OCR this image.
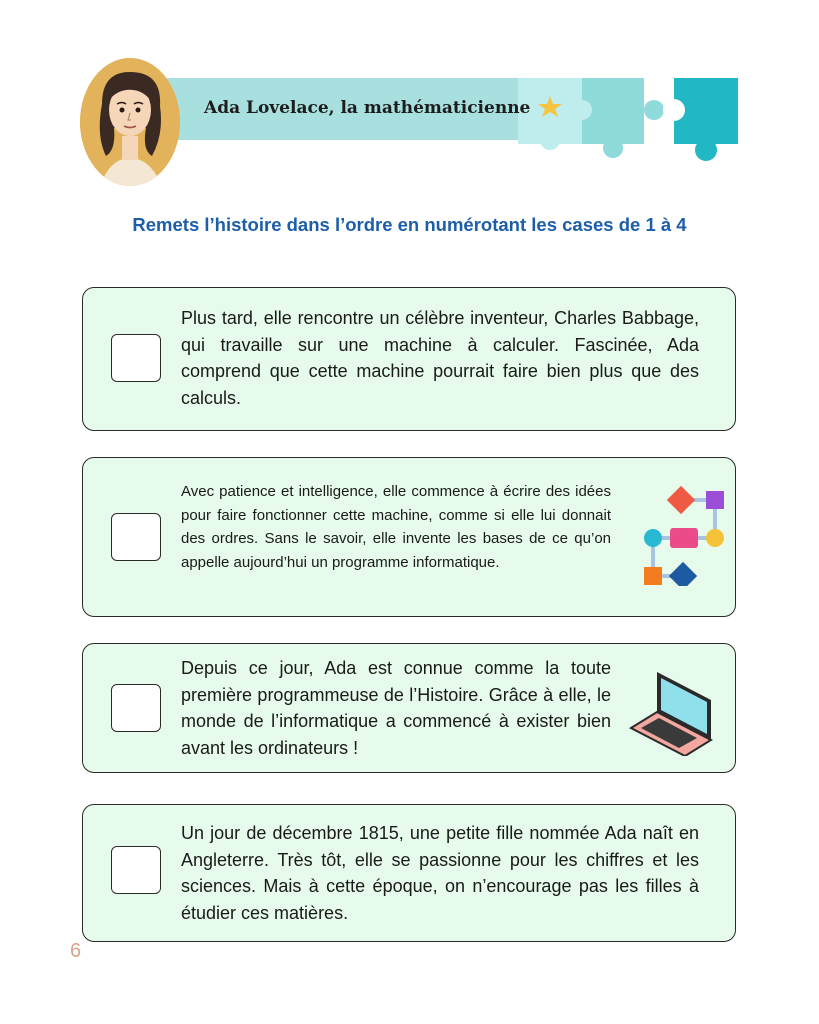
Ada Lovelace, la mathématicienne
Remets l’histoire dans l’ordre en numérotant les cases de 1 à 4
Plus tard, elle rencontre un célèbre inventeur, Charles Babbage, qui travaille sur une machine à calculer. Fascinée, Ada comprend que cette machine pourrait faire bien plus que des calculs.
Avec patience et intelligence, elle commence à écrire des idées pour faire fonctionner cette machine, comme si elle lui donnait des ordres. Sans le savoir, elle invente les bases de ce qu’on appelle aujourd’hui un programme informatique.
Depuis ce jour, Ada est connue comme la toute première programmeuse de l’Histoire. Grâce à elle, le monde de l’informatique a commencé à exister bien avant les ordinateurs !
Un jour de décembre 1815, une petite fille nommée Ada naît en Angleterre. Très tôt, elle se passionne pour les chiffres et les sciences. Mais à cette époque, on n’encourage pas les filles à étudier ces matières.
6
